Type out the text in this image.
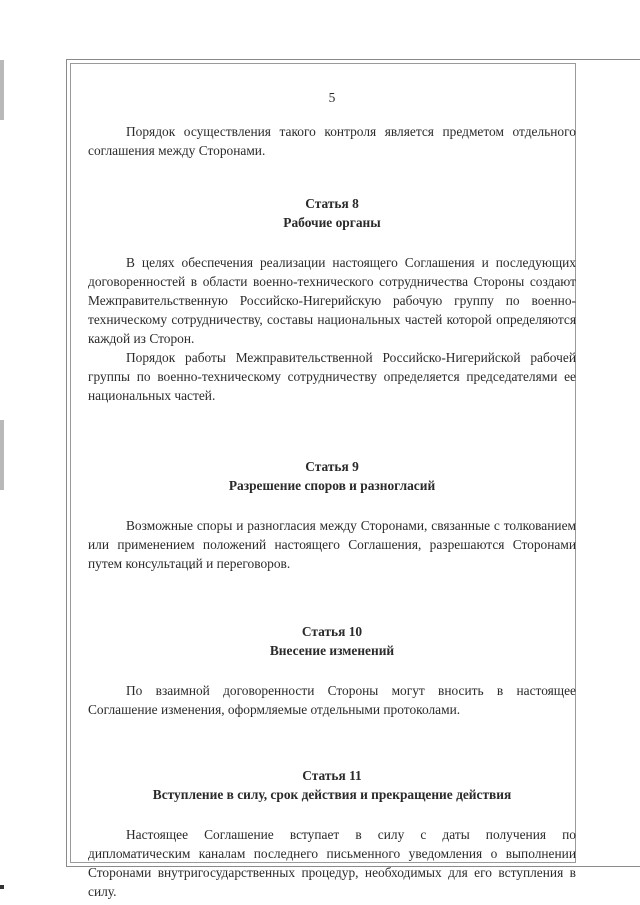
5

Порядок осуществления такого контроля является предметом отдельного соглашения между Сторонами.

Статья 8
Рабочие органы

В целях обеспечения реализации настоящего Соглашения и последующих договоренностей в области военно-технического сотрудничества Стороны создают Межправительственную Российско-Нигерийскую рабочую группу по военно-техническому сотрудничеству, составы национальных частей которой определяются каждой из Сторон.

Порядок работы Межправительственной Российско-Нигерийской рабочей группы по военно-техническому сотрудничеству определяется председателями ее национальных частей.

Статья 9
Разрешение споров и разногласий

Возможные споры и разногласия между Сторонами, связанные с толкованием или применением положений настоящего Соглашения, разрешаются Сторонами путем консультаций и переговоров.

Статья 10
Внесение изменений

По взаимной договоренности Стороны могут вносить в настоящее Соглашение изменения, оформляемые отдельными протоколами.

Статья 11
Вступление в силу, срок действия и прекращение действия

Настоящее Соглашение вступает в силу с даты получения по дипломатическим каналам последнего письменного уведомления о выполнении Сторонами внутригосударственных процедур, необходимых для его вступления в силу.
